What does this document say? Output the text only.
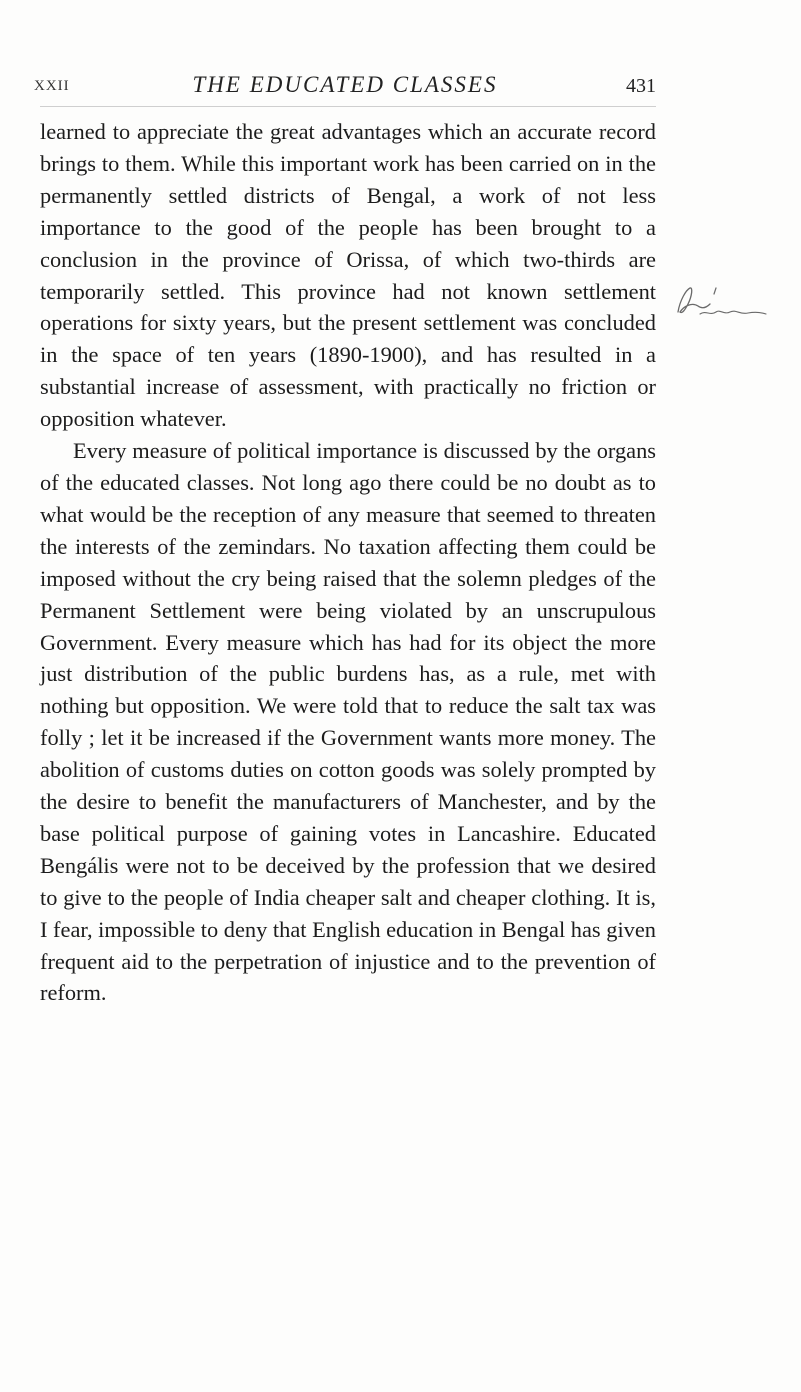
XXII	THE EDUCATED CLASSES	431

learned to appreciate the great advantages which an accurate record brings to them. While this important work has been carried on in the permanently settled districts of Bengal, a work of not less importance to the good of the people has been brought to a conclusion in the province of Orissa, of which two-thirds are temporarily settled. This province had not known settlement operations for sixty years, but the present settlement was concluded in the space of ten years (1890-1900), and has resulted in a substantial increase of assessment, with practically no friction or opposition whatever.

Every measure of political importance is discussed by the organs of the educated classes. Not long ago there could be no doubt as to what would be the reception of any measure that seemed to threaten the interests of the zemindars. No taxation affecting them could be imposed without the cry being raised that the solemn pledges of the Permanent Settlement were being violated by an unscrupulous Government. Every measure which has had for its object the more just distribution of the public burdens has, as a rule, met with nothing but opposition. We were told that to reduce the salt tax was folly ; let it be increased if the Government wants more money. The abolition of customs duties on cotton goods was solely prompted by the desire to benefit the manufacturers of Manchester, and by the base political purpose of gaining votes in Lancashire. Educated Bengális were not to be deceived by the profession that we desired to give to the people of India cheaper salt and cheaper clothing. It is, I fear, impossible to deny that English education in Bengal has given frequent aid to the perpetration of injustice and to the prevention of reform.
